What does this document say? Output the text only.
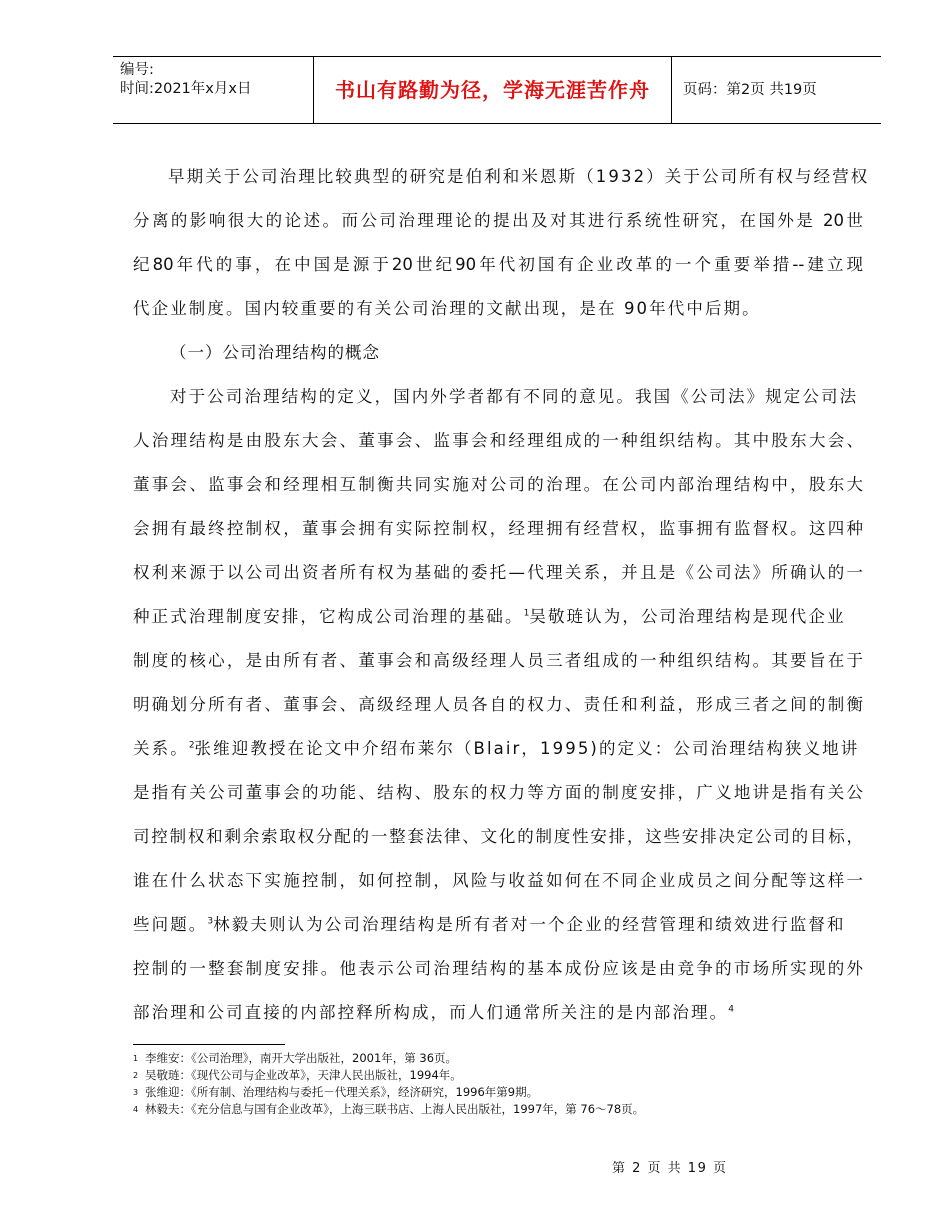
编号:
时间:2021年x月x日	书山有路勤为径，学海无涯苦作舟	页码：第2页 共19页
早期关于公司治理比较典型的研究是伯利和米恩斯（1932）关于公司所有权与经营权
分离的影响很大的论述。而公司治理理论的提出及对其进行系统性研究，在国外是 20世
纪80年代的事，在中国是源于20世纪90年代初国有企业改革的一个重要举措--建立现
代企业制度。国内较重要的有关公司治理的文献出现，是在 90年代中后期。
（一）公司治理结构的概念
对于公司治理结构的定义，国内外学者都有不同的意见。我国《公司法》规定公司法
人治理结构是由股东大会、董事会、监事会和经理组成的一种组织结构。其中股东大会、
董事会、监事会和经理相互制衡共同实施对公司的治理。在公司内部治理结构中，股东大
会拥有最终控制权，董事会拥有实际控制权，经理拥有经营权，监事拥有监督权。这四种
权利来源于以公司出资者所有权为基础的委托—代理关系，并且是《公司法》所确认的一
种正式治理制度安排，它构成公司治理的基础。$^1$吴敬琏认为，公司治理结构是现代企业
制度的核心，是由所有者、董事会和高级经理人员三者组成的一种组织结构。其要旨在于
明确划分所有者、董事会、高级经理人员各自的权力、责任和利益，形成三者之间的制衡
关系。$^2$张维迎教授在论文中介绍布莱尔（Blair，1995)的定义：公司治理结构狭义地讲
是指有关公司董事会的功能、结构、股东的权力等方面的制度安排，广义地讲是指有关公
司控制权和剩余索取权分配的一整套法律、文化的制度性安排，这些安排决定公司的目标，
谁在什么状态下实施控制，如何控制，风险与收益如何在不同企业成员之间分配等这样一
些问题。$^3$林毅夫则认为公司治理结构是所有者对一个企业的经营管理和绩效进行监督和
控制的一整套制度安排。他表示公司治理结构的基本成份应该是由竞争的市场所实现的外
部治理和公司直接的内部控释所构成，而人们通常所关注的是内部治理。$^4$
1 李维安：《公司治理》，南开大学出版社，2001年，第 36页。
2 吴敬琏：《现代公司与企业改革》，天津人民出版社，1994年。
3 张维迎：《所有制、治理结构与委托－代理关系》，经济研究，1996年第9期。
4 林毅夫：《充分信息与国有企业改革》，上海三联书店、上海人民出版社，1997年，第 76～78页。
第 2 页 共 19 页
